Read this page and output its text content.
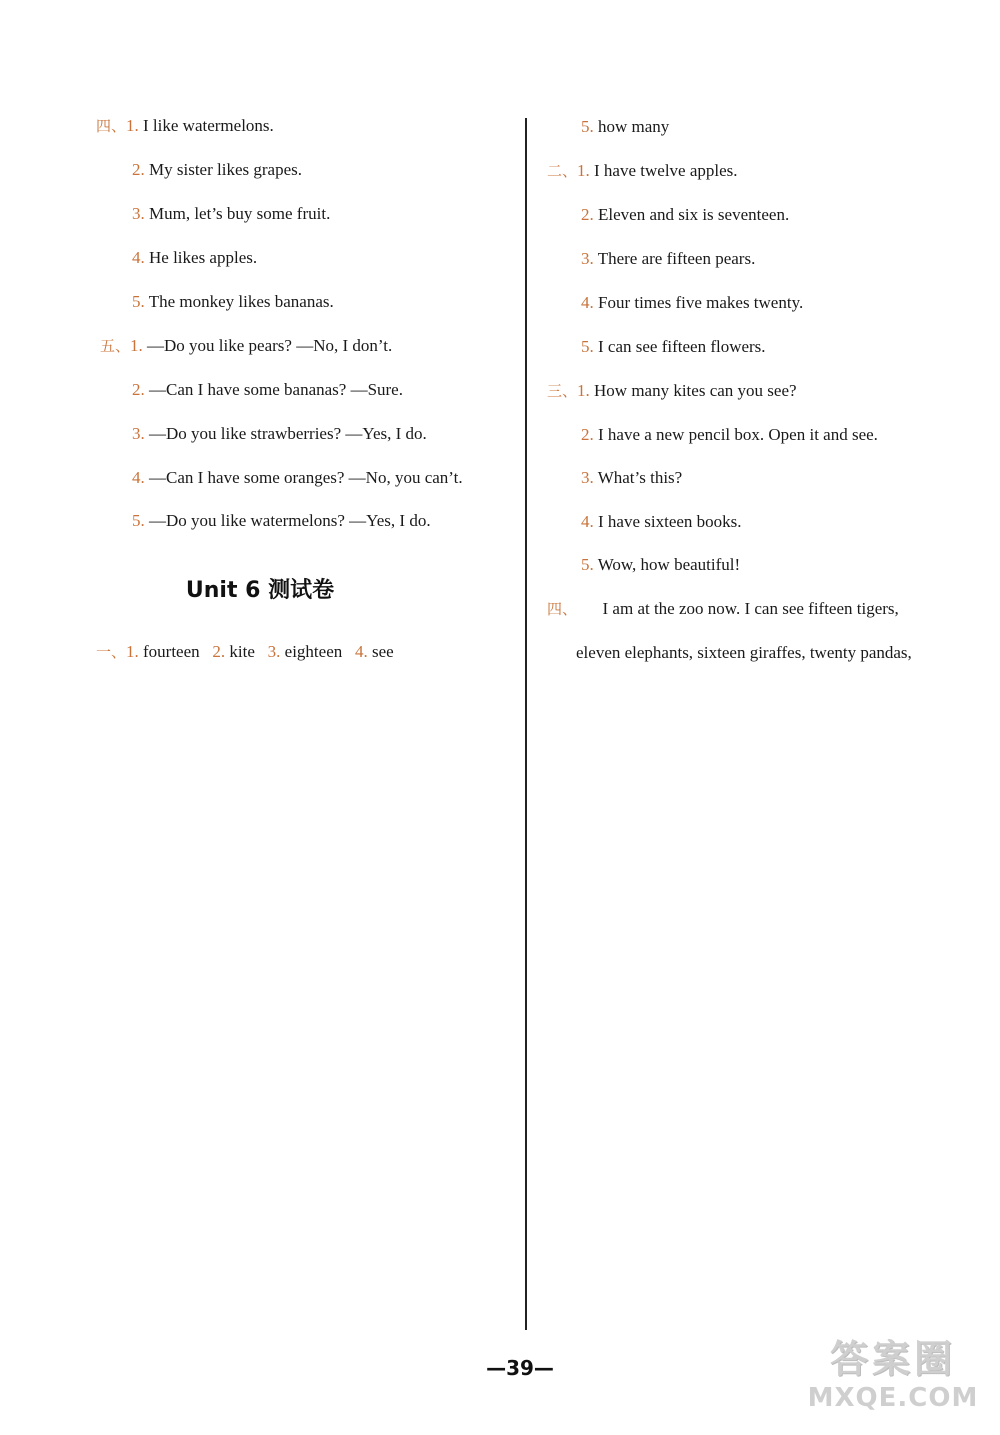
四、1. I like watermelons.
2. My sister likes grapes.
3. Mum, let’s buy some fruit.
4. He likes apples.
5. The monkey likes bananas.
五、1. —Do you like pears? —No, I don’t.
2. —Can I have some bananas? —Sure.
3. —Do you like strawberries? —Yes, I do.
4. —Can I have some oranges? —No, you can’t.
5. —Do you like watermelons? —Yes, I do.
Unit 6 测试卷
一、1. fourteen 2. kite 3. eighteen 4. see
5. how many
二、1. I have twelve apples.
2. Eleven and six is seventeen.
3. There are fifteen pears.
4. Four times five makes twenty.
5. I can see fifteen flowers.
三、1. How many kites can you see?
2. I have a new pencil box. Open it and see.
3. What’s this?
4. I have sixteen books.
5. Wow, how beautiful!
四、 I am at the zoo now. I can see fifteen tigers,
eleven elephants, sixteen giraffes, twenty pandas,
—39—	答案圈
MXQE.COM
